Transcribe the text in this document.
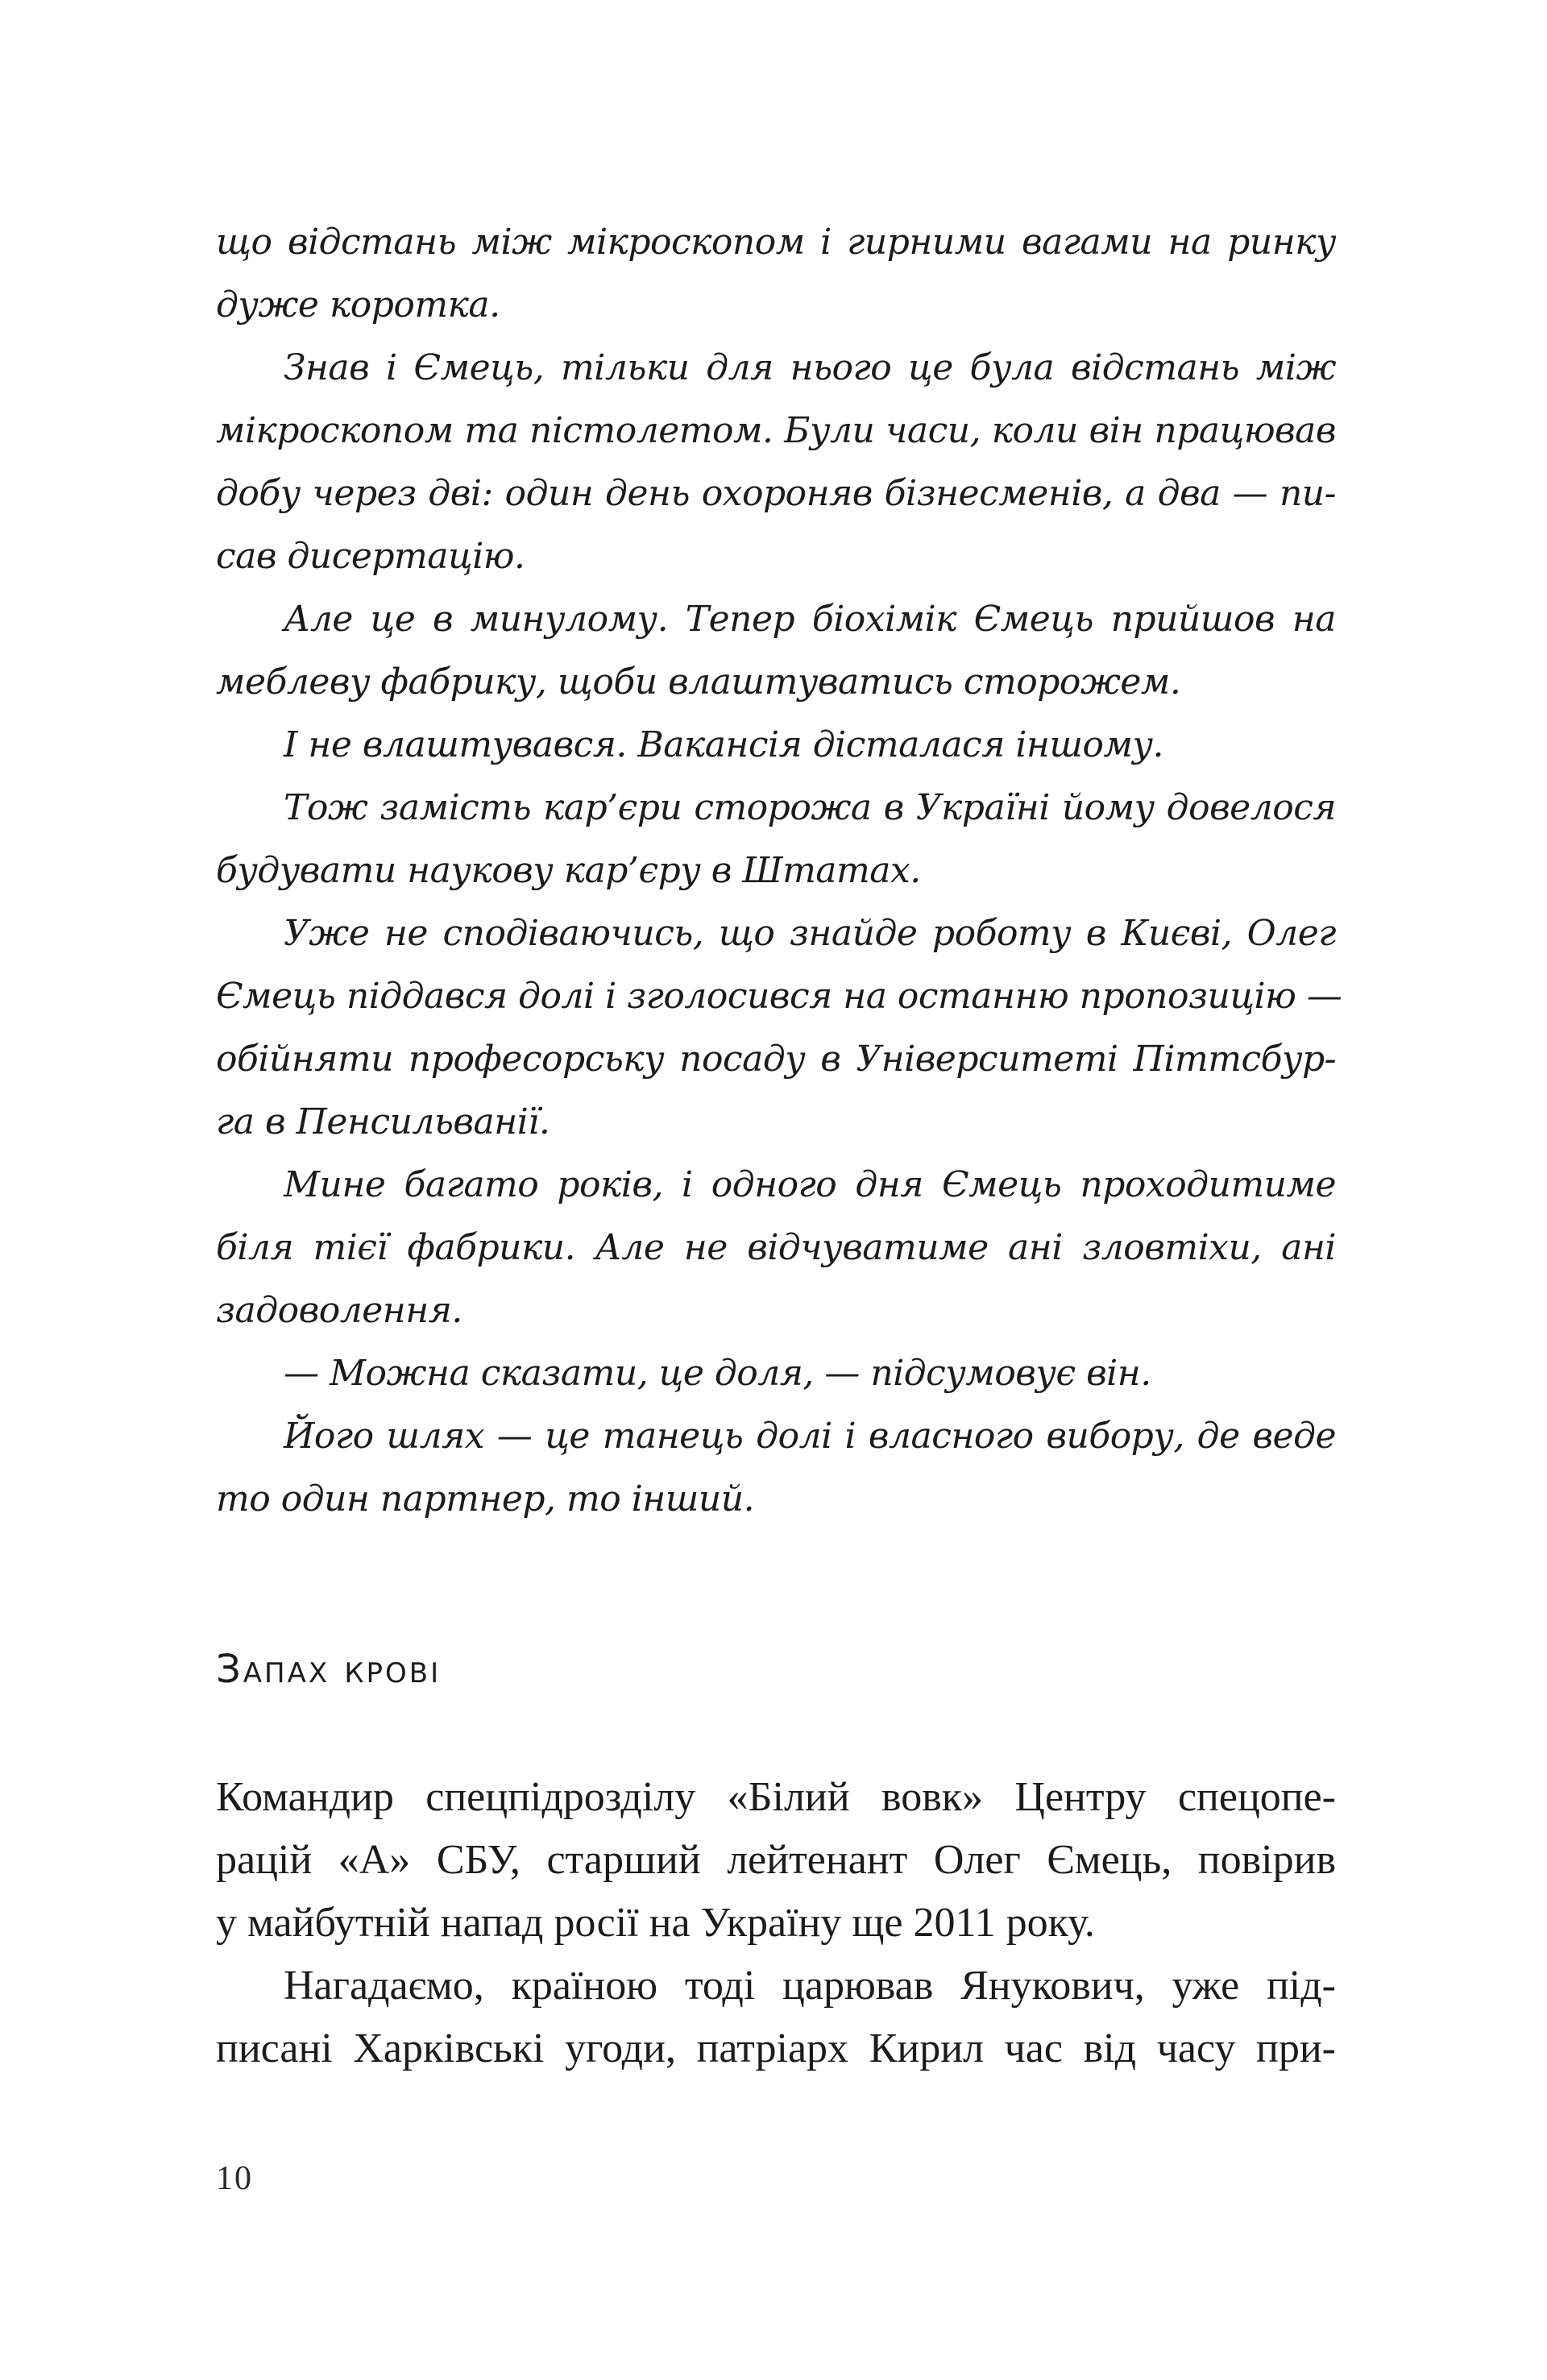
що відстань між мікроскопом і гирними вагами на ринку
дуже коротка.
Знав і Ємець, тільки для нього це була відстань між
мікроскопом та пістолетом. Були часи, коли він працював
добу через дві: один день охороняв бізнесменів, а два — пи-
сав дисертацію.
Але це в минулому. Тепер біохімік Ємець прийшов на
меблеву фабрику, щоби влаштуватись сторожем.
І не влаштувався. Вакансія дісталася іншому.
Тож замість кар’єри сторожа в Україні йому довелося
будувати наукову кар’єру в Штатах.
Уже не сподіваючись, що знайде роботу в Києві, Олег
Ємець піддався долі і зголосився на останню пропозицію —
обійняти професорську посаду в Університеті Піттсбур-
га в Пенсильванії.
Мине багато років, і одного дня Ємець проходитиме
біля тієї фабрики. Але не відчуватиме ані зловтіхи, ані
задоволення.
— Можна сказати, це доля, — підсумовує він.
Його шлях — це танець долі і власного вибору, де веде
то один партнер, то інший.
Запах крові
Командир спецпідрозділу «Білий вовк» Центру спецопе-
рацій «А» СБУ, старший лейтенант Олег Ємець, повірив
у майбутній напад росії на Україну ще 2011 року.
Нагадаємо, країною тоді царював Янукович, уже під-
писані Харківські угоди, патріарх Кирил час від часу при-
10
